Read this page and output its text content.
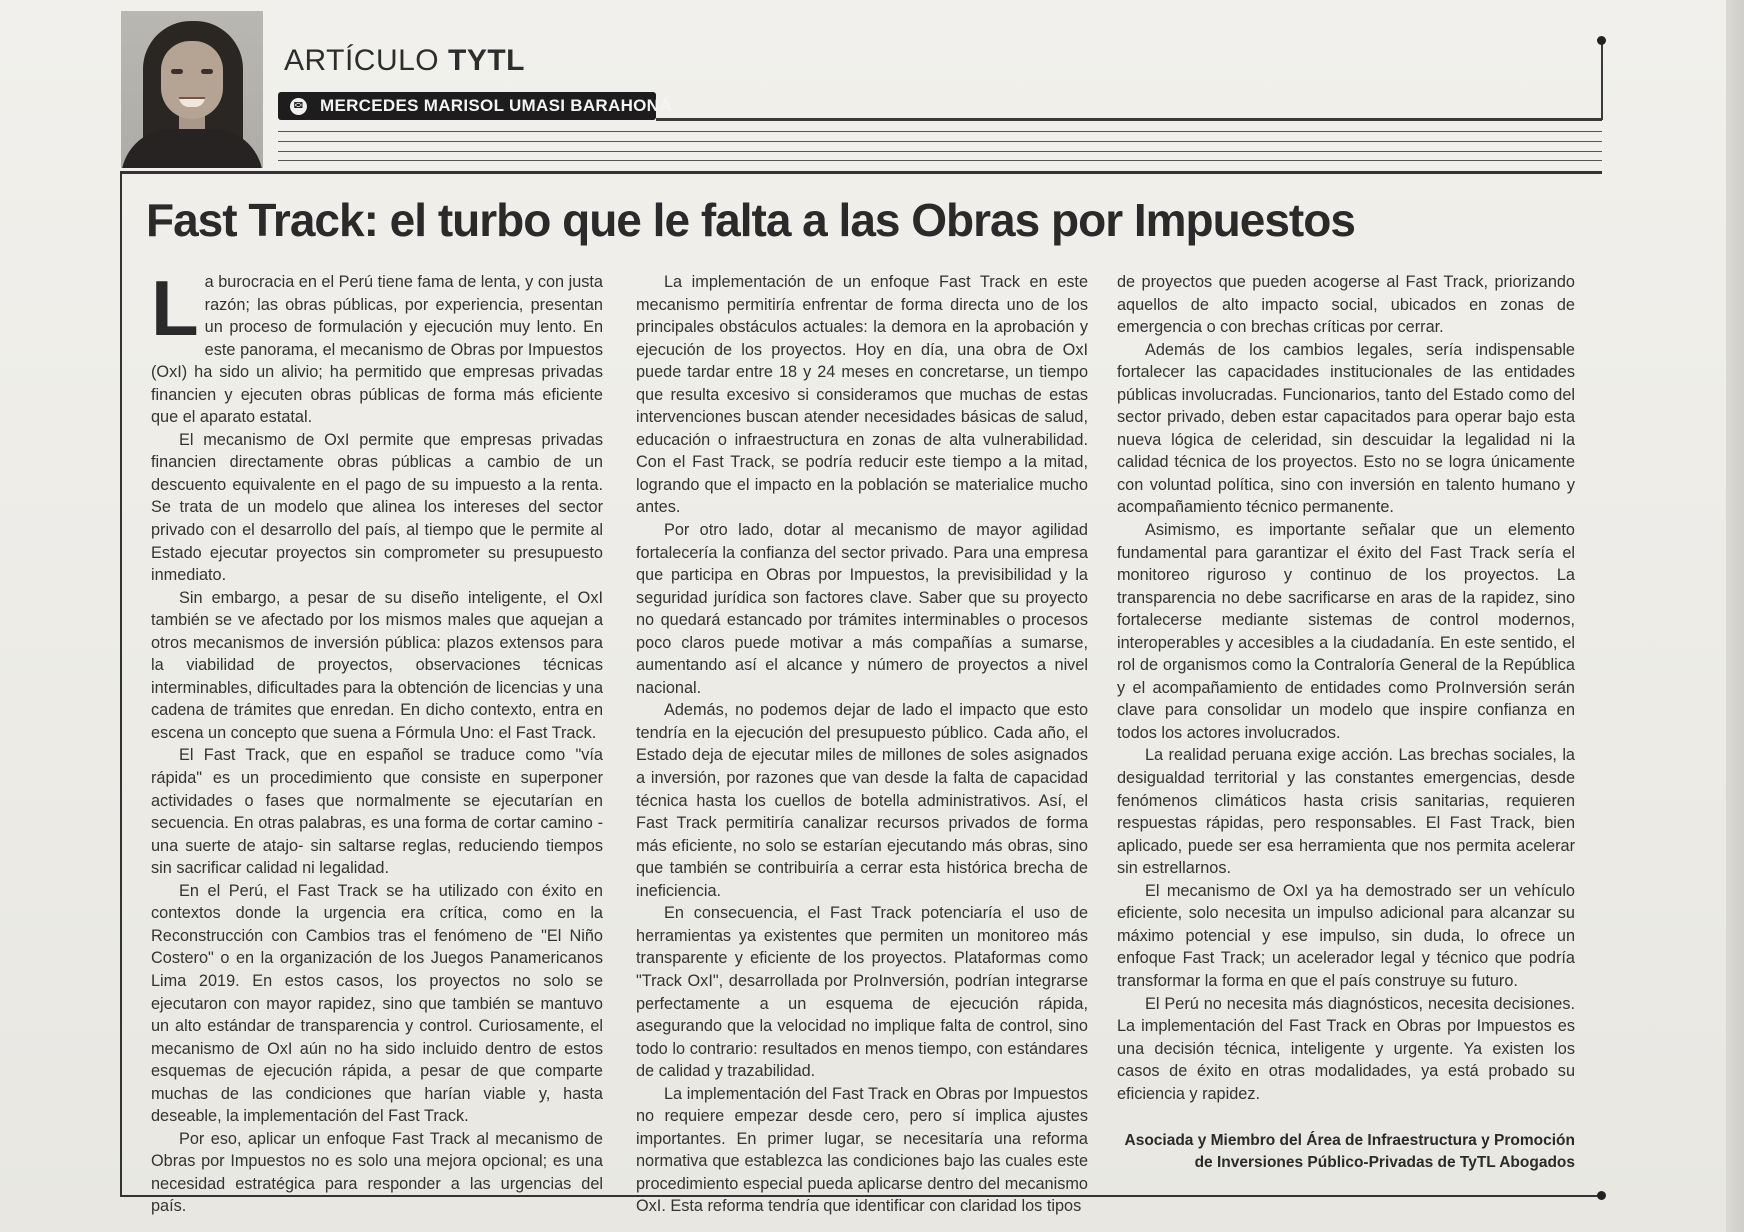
ARTÍCULO TYTL
✉ MERCEDES MARISOL UMASI BARAHONA
Fast Track: el turbo que le falta a las Obras por Impuestos

La burocracia en el Perú tiene fama de lenta, y con justa razón; las obras públicas, por experiencia, presentan un proceso de formulación y ejecución muy lento. En este panorama, el mecanismo de Obras por Impuestos (OxI) ha sido un alivio; ha permitido que empresas privadas financien y ejecuten obras públicas de forma más eficiente que el aparato estatal.

El mecanismo de OxI permite que empresas privadas financien directamente obras públicas a cambio de un descuento equivalente en el pago de su impuesto a la renta. Se trata de un modelo que alinea los intereses del sector privado con el desarrollo del país, al tiempo que le permite al Estado ejecutar proyectos sin comprometer su presupuesto inmediato.

Sin embargo, a pesar de su diseño inteligente, el OxI también se ve afectado por los mismos males que aquejan a otros mecanismos de inversión pública: plazos extensos para la viabilidad de proyectos, observaciones técnicas interminables, dificultades para la obtención de licencias y una cadena de trámites que enredan. En dicho contexto, entra en escena un concepto que suena a Fórmula Uno: el Fast Track.

El Fast Track, que en español se traduce como "vía rápida" es un procedimiento que consiste en superponer actividades o fases que normalmente se ejecutarían en secuencia. En otras palabras, es una forma de cortar camino -una suerte de atajo- sin saltarse reglas, reduciendo tiempos sin sacrificar calidad ni legalidad.

En el Perú, el Fast Track se ha utilizado con éxito en contextos donde la urgencia era crítica, como en la Reconstrucción con Cambios tras el fenómeno de "El Niño Costero" o en la organización de los Juegos Panamericanos Lima 2019. En estos casos, los proyectos no solo se ejecutaron con mayor rapidez, sino que también se mantuvo un alto estándar de transparencia y control. Curiosamente, el mecanismo de OxI aún no ha sido incluido dentro de estos esquemas de ejecución rápida, a pesar de que comparte muchas de las condiciones que harían viable y, hasta deseable, la implementación del Fast Track.

Por eso, aplicar un enfoque Fast Track al mecanismo de Obras por Impuestos no es solo una mejora opcional; es una necesidad estratégica para responder a las urgencias del país.

La implementación de un enfoque Fast Track en este mecanismo permitiría enfrentar de forma directa uno de los principales obstáculos actuales: la demora en la aprobación y ejecución de los proyectos. Hoy en día, una obra de OxI puede tardar entre 18 y 24 meses en concretarse, un tiempo que resulta excesivo si consideramos que muchas de estas intervenciones buscan atender necesidades básicas de salud, educación o infraestructura en zonas de alta vulnerabilidad. Con el Fast Track, se podría reducir este tiempo a la mitad, logrando que el impacto en la población se materialice mucho antes.

Por otro lado, dotar al mecanismo de mayor agilidad fortalecería la confianza del sector privado. Para una empresa que participa en Obras por Impuestos, la previsibilidad y la seguridad jurídica son factores clave. Saber que su proyecto no quedará estancado por trámites interminables o procesos poco claros puede motivar a más compañías a sumarse, aumentando así el alcance y número de proyectos a nivel nacional.

Además, no podemos dejar de lado el impacto que esto tendría en la ejecución del presupuesto público. Cada año, el Estado deja de ejecutar miles de millones de soles asignados a inversión, por razones que van desde la falta de capacidad técnica hasta los cuellos de botella administrativos. Así, el Fast Track permitiría canalizar recursos privados de forma más eficiente, no solo se estarían ejecutando más obras, sino que también se contribuiría a cerrar esta histórica brecha de ineficiencia.

En consecuencia, el Fast Track potenciaría el uso de herramientas ya existentes que permiten un monitoreo más transparente y eficiente de los proyectos. Plataformas como "Track OxI", desarrollada por ProInversión, podrían integrarse perfectamente a un esquema de ejecución rápida, asegurando que la velocidad no implique falta de control, sino todo lo contrario: resultados en menos tiempo, con estándares de calidad y trazabilidad.

La implementación del Fast Track en Obras por Impuestos no requiere empezar desde cero, pero sí implica ajustes importantes. En primer lugar, se necesitaría una reforma normativa que establezca las condiciones bajo las cuales este procedimiento especial pueda aplicarse dentro del mecanismo OxI. Esta reforma tendría que identificar con claridad los tipos

de proyectos que pueden acogerse al Fast Track, priorizando aquellos de alto impacto social, ubicados en zonas de emergencia o con brechas críticas por cerrar.

Además de los cambios legales, sería indispensable fortalecer las capacidades institucionales de las entidades públicas involucradas. Funcionarios, tanto del Estado como del sector privado, deben estar capacitados para operar bajo esta nueva lógica de celeridad, sin descuidar la legalidad ni la calidad técnica de los proyectos. Esto no se logra únicamente con voluntad política, sino con inversión en talento humano y acompañamiento técnico permanente.

Asimismo, es importante señalar que un elemento fundamental para garantizar el éxito del Fast Track sería el monitoreo riguroso y continuo de los proyectos. La transparencia no debe sacrificarse en aras de la rapidez, sino fortalecerse mediante sistemas de control modernos, interoperables y accesibles a la ciudadanía. En este sentido, el rol de organismos como la Contraloría General de la República y el acompañamiento de entidades como ProInversión serán clave para consolidar un modelo que inspire confianza en todos los actores involucrados.

La realidad peruana exige acción. Las brechas sociales, la desigualdad territorial y las constantes emergencias, desde fenómenos climáticos hasta crisis sanitarias, requieren respuestas rápidas, pero responsables. El Fast Track, bien aplicado, puede ser esa herramienta que nos permita acelerar sin estrellarnos.

El mecanismo de OxI ya ha demostrado ser un vehículo eficiente, solo necesita un impulso adicional para alcanzar su máximo potencial y ese impulso, sin duda, lo ofrece un enfoque Fast Track; un acelerador legal y técnico que podría transformar la forma en que el país construye su futuro.

El Perú no necesita más diagnósticos, necesita decisiones. La implementación del Fast Track en Obras por Impuestos es una decisión técnica, inteligente y urgente. Ya existen los casos de éxito en otras modalidades, ya está probado su eficiencia y rapidez.

Asociada y Miembro del Área de Infraestructura y Promoción
de Inversiones Público-Privadas de TyTL Abogados
